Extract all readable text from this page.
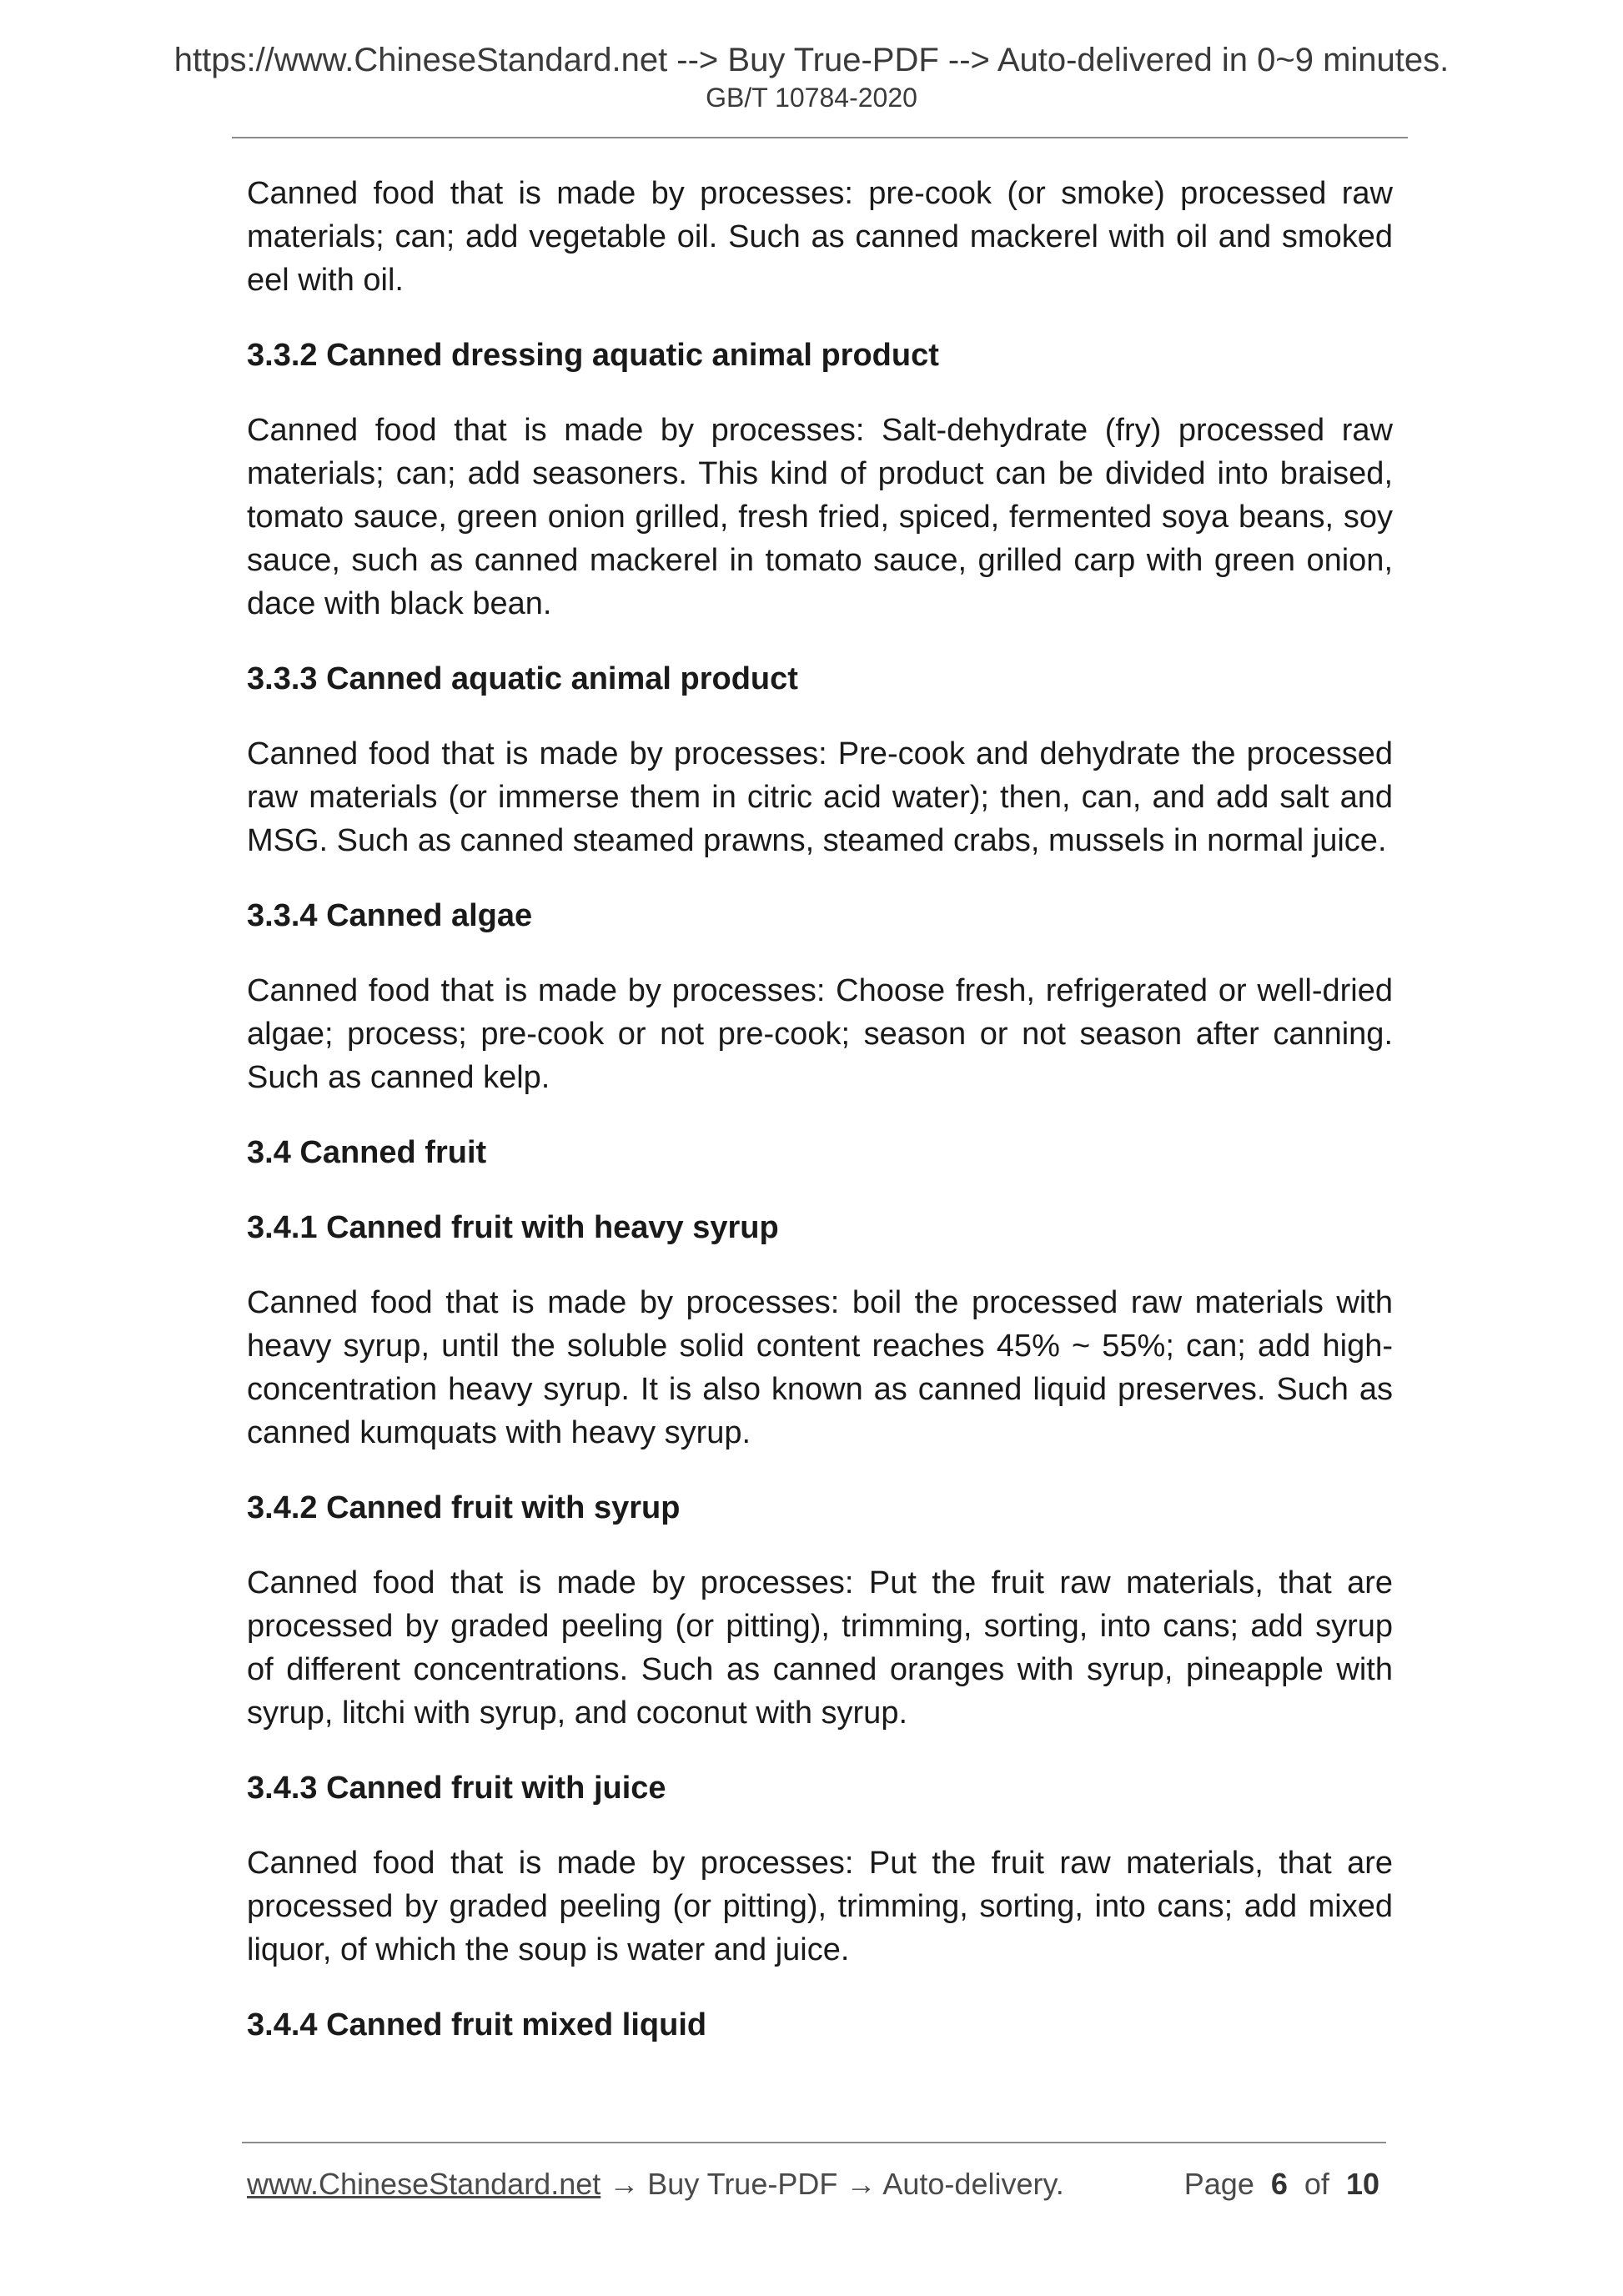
https://www.ChineseStandard.net --> Buy True-PDF --> Auto-delivered in 0~9 minutes.
GB/T 10784-2020

Canned food that is made by processes: pre-cook (or smoke) processed raw materials; can; add vegetable oil. Such as canned mackerel with oil and smoked eel with oil.

3.3.2 Canned dressing aquatic animal product

Canned food that is made by processes: Salt-dehydrate (fry) processed raw materials; can; add seasoners. This kind of product can be divided into braised, tomato sauce, green onion grilled, fresh fried, spiced, fermented soya beans, soy sauce, such as canned mackerel in tomato sauce, grilled carp with green onion, dace with black bean.

3.3.3 Canned aquatic animal product

Canned food that is made by processes: Pre-cook and dehydrate the processed raw materials (or immerse them in citric acid water); then, can, and add salt and MSG. Such as canned steamed prawns, steamed crabs, mussels in normal juice.

3.3.4 Canned algae

Canned food that is made by processes: Choose fresh, refrigerated or well-dried algae; process; pre-cook or not pre-cook; season or not season after canning. Such as canned kelp.

3.4 Canned fruit
3.4.1 Canned fruit with heavy syrup

Canned food that is made by processes: boil the processed raw materials with heavy syrup, until the soluble solid content reaches 45% ~ 55%; can; add high-concentration heavy syrup. It is also known as canned liquid preserves. Such as canned kumquats with heavy syrup.

3.4.2 Canned fruit with syrup

Canned food that is made by processes: Put the fruit raw materials, that are processed by graded peeling (or pitting), trimming, sorting, into cans; add syrup of different concentrations. Such as canned oranges with syrup, pineapple with syrup, litchi with syrup, and coconut with syrup.

3.4.3 Canned fruit with juice

Canned food that is made by processes: Put the fruit raw materials, that are processed by graded peeling (or pitting), trimming, sorting, into cans; add mixed liquor, of which the soup is water and juice.

3.4.4 Canned fruit mixed liquid
www.ChineseStandard.net → Buy True-PDF → Auto-delivery.	Page 6 of 10
